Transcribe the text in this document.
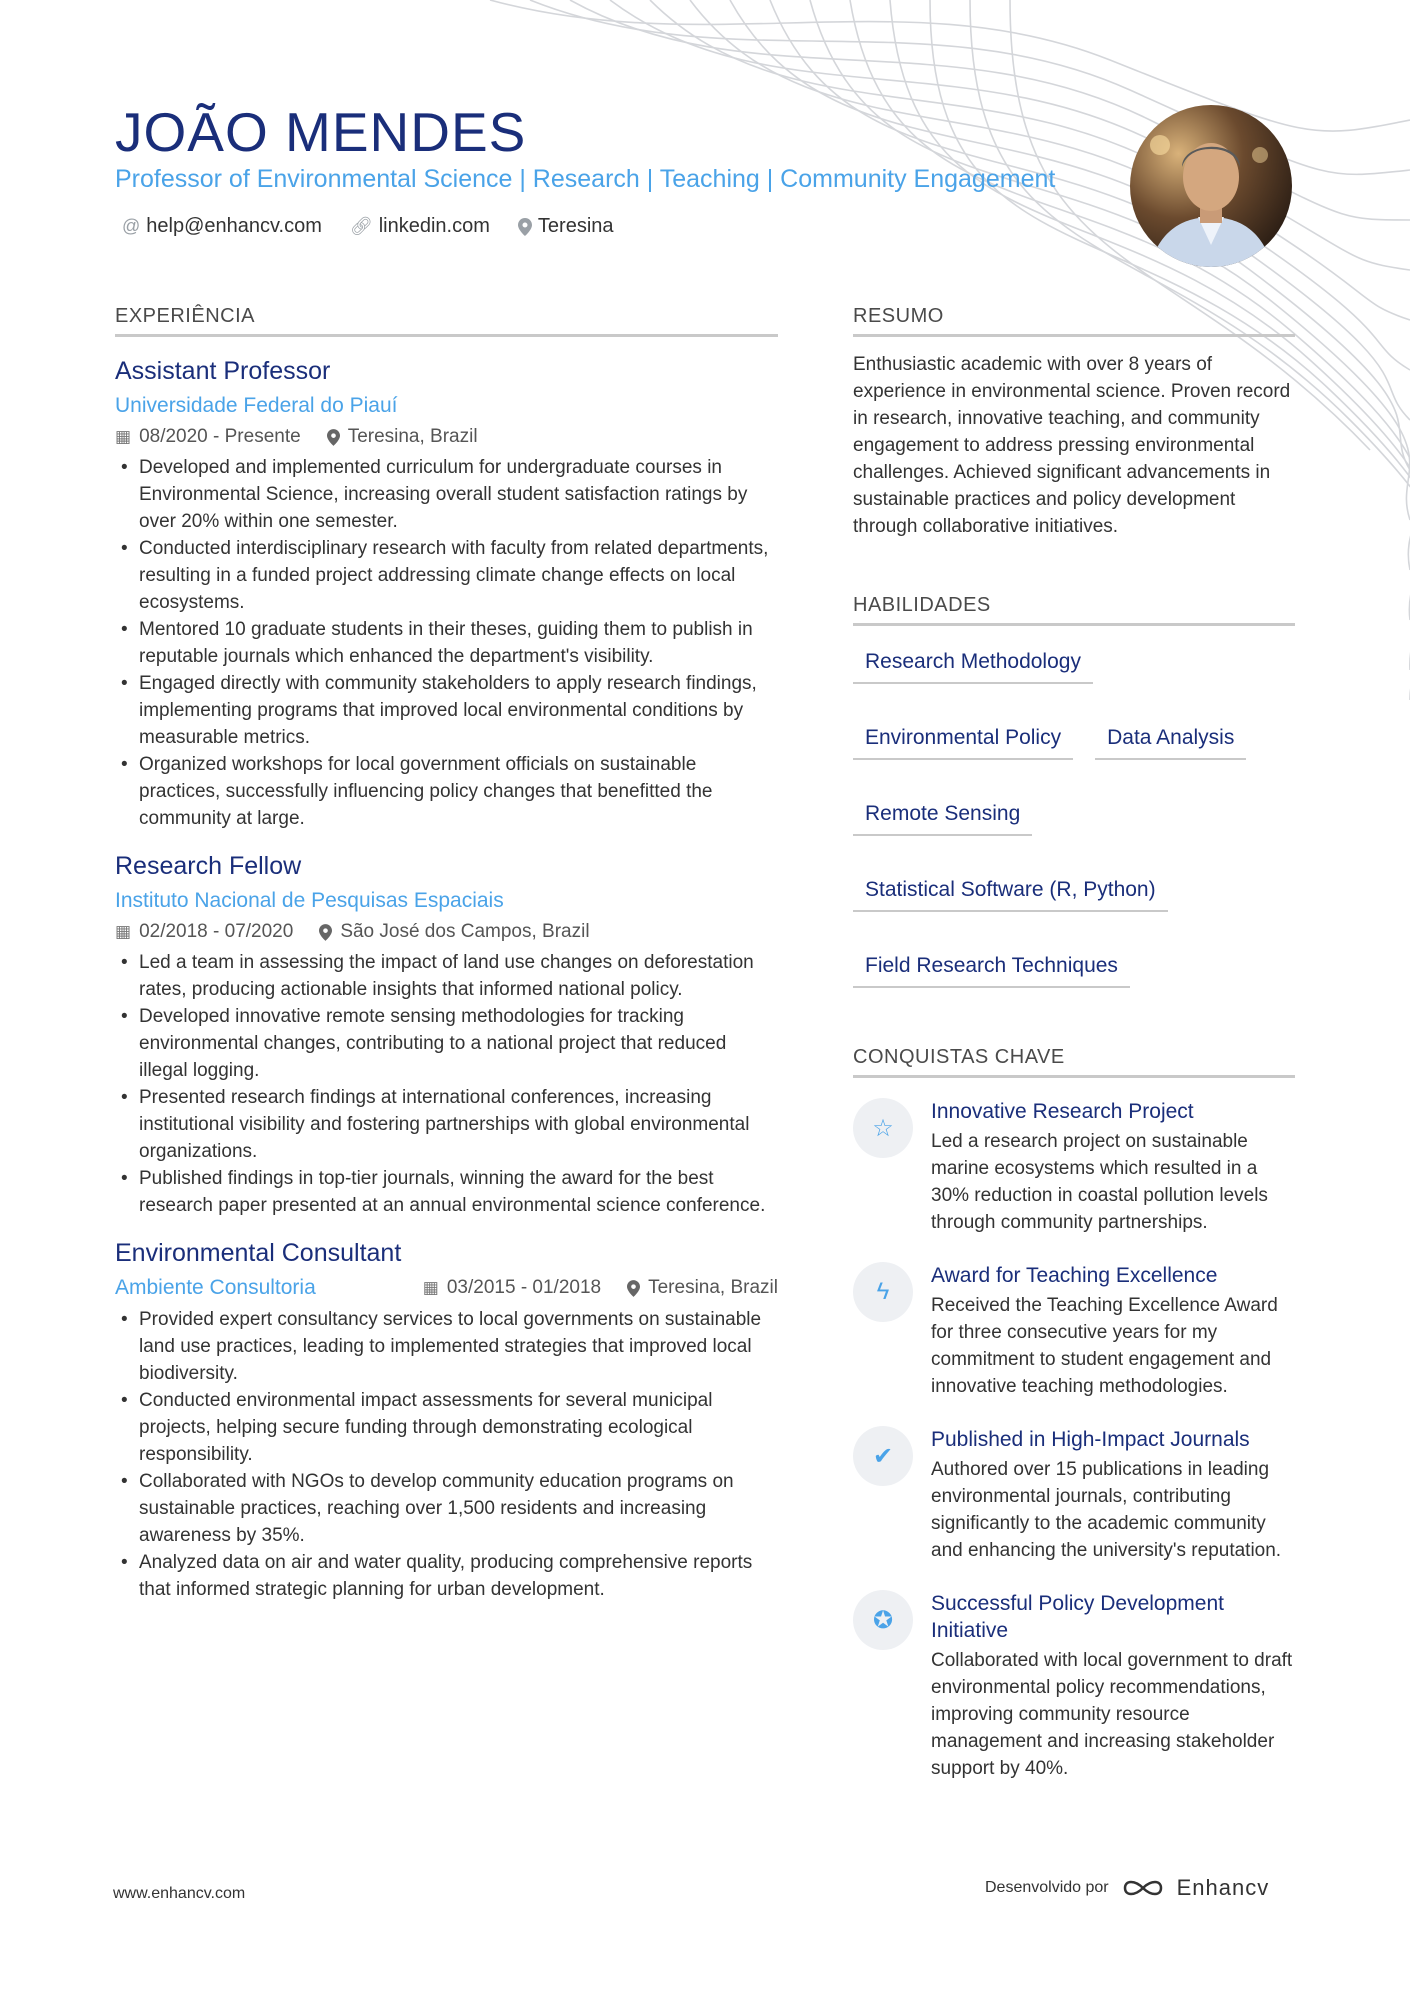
JOÃO MENDES
Professor of Environmental Science | Research | Teaching | Community Engagement
@ help@enhancv.com 🔗︎ linkedin.com Teresina
EXPERIÊNCIA
Assistant Professor
Universidade Federal do Piauí
▦ 08/2020 - Presente Teresina, Brazil
• Developed and implemented curriculum for undergraduate courses in Environmental Science, increasing overall student satisfaction ratings by over 20% within one semester.
• Conducted interdisciplinary research with faculty from related departments, resulting in a funded project addressing climate change effects on local ecosystems.
• Mentored 10 graduate students in their theses, guiding them to publish in reputable journals which enhanced the department's visibility.
• Engaged directly with community stakeholders to apply research findings, implementing programs that improved local environmental conditions by measurable metrics.
• Organized workshops for local government officials on sustainable practices, successfully influencing policy changes that benefitted the community at large.
Research Fellow
Instituto Nacional de Pesquisas Espaciais
▦ 02/2018 - 07/2020 São José dos Campos, Brazil
• Led a team in assessing the impact of land use changes on deforestation rates, producing actionable insights that informed national policy.
• Developed innovative remote sensing methodologies for tracking environmental changes, contributing to a national project that reduced illegal logging.
• Presented research findings at international conferences, increasing institutional visibility and fostering partnerships with global environmental organizations.
• Published findings in top-tier journals, winning the award for the best research paper presented at an annual environmental science conference.
Environmental Consultant
Ambiente Consultoria	▦ 03/2015 - 01/2018 Teresina, Brazil
• Provided expert consultancy services to local governments on sustainable land use practices, leading to implemented strategies that improved local biodiversity.
• Conducted environmental impact assessments for several municipal projects, helping secure funding through demonstrating ecological responsibility.
• Collaborated with NGOs to develop community education programs on sustainable practices, reaching over 1,500 residents and increasing awareness by 35%.
• Analyzed data on air and water quality, producing comprehensive reports that informed strategic planning for urban development.
RESUMO
Enthusiastic academic with over 8 years of experience in environmental science. Proven record in research, innovative teaching, and community engagement to address pressing environmental challenges. Achieved significant advancements in sustainable practices and policy development through collaborative initiatives.
HABILIDADES
Research Methodology
Environmental Policy	Data Analysis
Remote Sensing
Statistical Software (R, Python)
Field Research Techniques
CONQUISTAS CHAVE
☆
Innovative Research Project
Led a research project on sustainable marine ecosystems which resulted in a 30% reduction in coastal pollution levels through community partnerships.
ϟ
Award for Teaching Excellence
Received the Teaching Excellence Award for three consecutive years for my commitment to student engagement and innovative teaching methodologies.
✔
Published in High-Impact Journals
Authored over 15 publications in leading environmental journals, contributing significantly to the academic community and enhancing the university's reputation.
✪
Successful Policy Development Initiative
Collaborated with local government to draft environmental policy recommendations, improving community resource management and increasing stakeholder support by 40%.
www.enhancv.com	Desenvolvido por	Enhancv
